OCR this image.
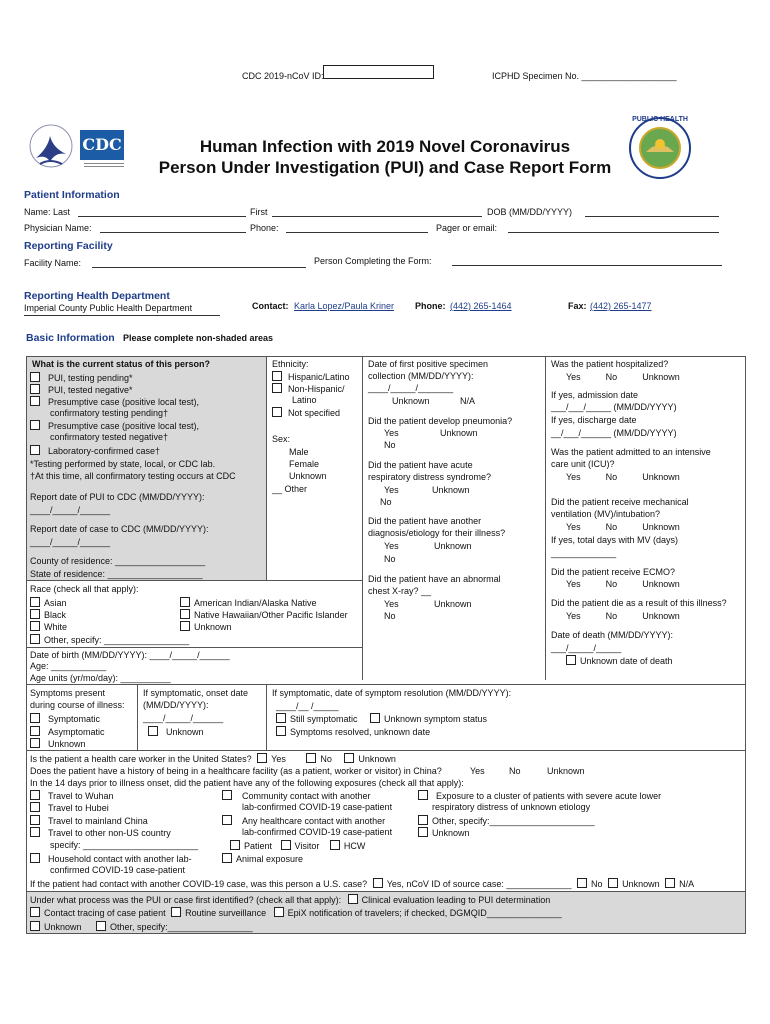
CDC 2019-nCoV ID:	ICPHD Specimen No. ___________________
CDC	Human Infection with 2019 Novel Coronavirus
Person Under Investigation (PUI) and Case Report Form
PUBLIC HEALTH
Patient Information
Name: Last	First	DOB (MM/DD/YYYY)
Physician Name:	Phone:	Pager or email:
Reporting Facility
Facility Name:	Person Completing the Form:
Reporting Health Department
Imperial County Public Health Department	Contact: Karla Lopez/Paula Kriner Phone: (442) 265-1464	Fax: (442) 265-1477
Basic Information Please complete non-shaded areas
What is the current status of this person?
PUI, testing pending*
PUI, tested negative*
Presumptive case (positive local test),
confirmatory testing pending†
Presumptive case (positive local test),
confirmatory tested negative†
Laboratory-confirmed case†
*Testing performed by state, local, or CDC lab.
†At this time, all confirmatory testing occurs at CDC
Report date of PUI to CDC (MM/DD/YYYY):
____/_____/______
Report date of case to CDC (MM/DD/YYYY):
____/_____/______
County of residence: __________________
State of residence: ___________________
Ethnicity:
Hispanic/Latino
Non-Hispanic/
Latino
Not specified
Sex:
Male
Female
Unknown
__ Other
Date of first positive specimen
collection (MM/DD/YYYY):
____/_____/_______
Unknown	N/A
Did the patient develop pneumonia?
Yes	Unknown
No
Did the patient have acute
respiratory distress syndrome?
Yes	Unknown
No
Did the patient have another
diagnosis/etiology for their illness?
Yes	Unknown
No
Did the patient have an abnormal
chest X-ray? __
Yes	Unknown
No
Was the patient hospitalized?
Yes          No          Unknown
If yes, admission date
___/___/_____ (MM/DD/YYYY)
If yes, discharge date
__/___/______ (MM/DD/YYYY)
Was the patient admitted to an intensive
care unit (ICU)?
Yes          No          Unknown
Did the patient receive mechanical
ventilation (MV)/intubation?
Yes          No          Unknown
If yes, total days with MV (days)
_____________
Did the patient receive ECMO?
Yes          No          Unknown
Did the patient die as a result of this illness?
Yes          No          Unknown
Date of death (MM/DD/YYYY):
___/_____/_____
Unknown date of death
Race (check all that apply):
Asian
Black
White
Other, specify: _________________
American Indian/Alaska Native
Native Hawaiian/Other Pacific Islander
Unknown
Date of birth (MM/DD/YYYY): ____/_____/______
Age: ___________
Age units (yr/mo/day): __________
Symptoms present
during course of illness:
Symptomatic
Asymptomatic
Unknown
If symptomatic, onset date
(MM/DD/YYYY):
____/_____/______
Unknown
If symptomatic, date of symptom resolution (MM/DD/YYYY):
____/__ /_____
Still symptomatic	Unknown symptom status
Symptoms resolved, unknown date
Is the patient a health care worker in the United States? Yes	No	Unknown
Does the patient have a history of being in a healthcare facility (as a patient, worker or visitor) in China?	Yes	No	Unknown
In the 14 days prior to illness onset, did the patient have any of the following exposures (check all that apply):
Travel to Wuhan
Travel to Hubei
Travel to mainland China
Travel to other non-US country
specify: _______________________
Household contact with another lab-
confirmed COVID-19 case-patient
Community contact with another
lab-confirmed COVID-19 case-patient
Any healthcare contact with another
lab-confirmed COVID-19 case-patient
Patient	Visitor	HCW
Animal exposure
Exposure to a cluster of patients with severe acute lower
respiratory distress of unknown etiology
Other, specify:_____________________
Unknown
If the patient had contact with another COVID-19 case, was this person a U.S. case? Yes, nCoV ID of source case: _____________ No Unknown N/A
Under what process was the PUI or case first identified? (check all that apply): Clinical evaluation leading to PUI determination
Contact tracing of case patient Routine surveillance EpiX notification of travelers; if checked, DGMQID_______________
Unknown	Other, specify:_________________
